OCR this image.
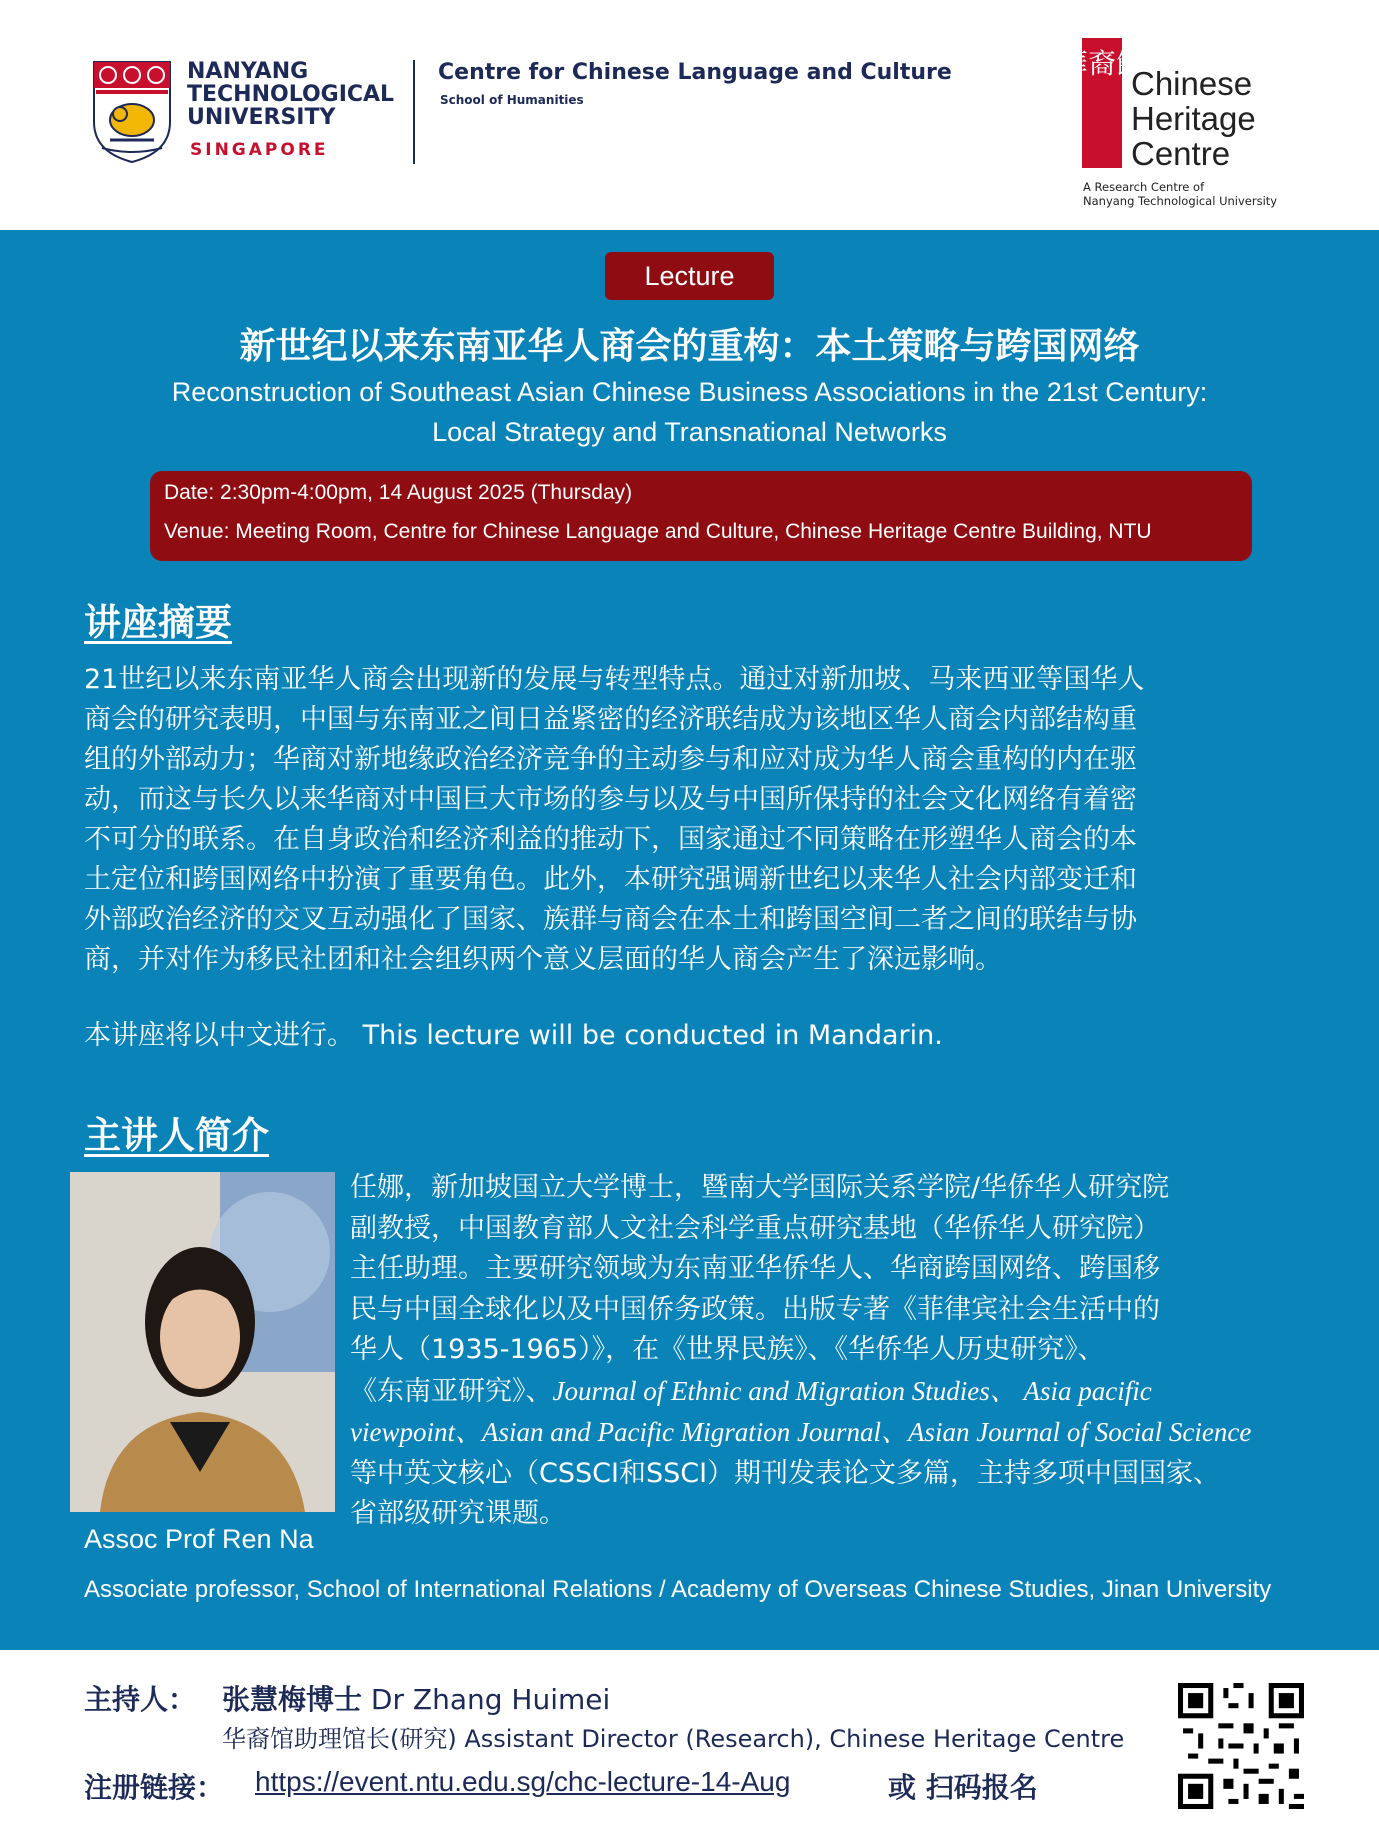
NANYANG
TECHNOLOGICAL
UNIVERSITY
SINGAPORE
Centre for Chinese Language and Culture
School of Humanities
華裔館
Chinese
Heritage
Centre
A Research Centre of
Nanyang Technological University
Lecture
新世纪以来东南亚华人商会的重构：本土策略与跨国网络
Reconstruction of Southeast Asian Chinese Business Associations in the 21st Century:
Local Strategy and Transnational Networks
Date: 2:30pm-4:00pm, 14 August 2025 (Thursday)
Venue: Meeting Room, Centre for Chinese Language and Culture, Chinese Heritage Centre Building, NTU
讲座摘要
21世纪以来东南亚华人商会出现新的发展与转型特点。通过对新加坡、马来西亚等国华人
商会的研究表明，中国与东南亚之间日益紧密的经济联结成为该地区华人商会内部结构重
组的外部动力；华商对新地缘政治经济竞争的主动参与和应对成为华人商会重构的内在驱
动，而这与长久以来华商对中国巨大市场的参与以及与中国所保持的社会文化网络有着密
不可分的联系。在自身政治和经济利益的推动下，国家通过不同策略在形塑华人商会的本
土定位和跨国网络中扮演了重要角色。此外，本研究强调新世纪以来华人社会内部变迁和
外部政治经济的交叉互动强化了国家、族群与商会在本土和跨国空间二者之间的联结与协
商，并对作为移民社团和社会组织两个意义层面的华人商会产生了深远影响。
本讲座将以中文进行。 This lecture will be conducted in Mandarin.
主讲人简介
任娜，新加坡国立大学博士，暨南大学国际关系学院/华侨华人研究院
副教授，中国教育部人文社会科学重点研究基地（华侨华人研究院）
主任助理。主要研究领域为东南亚华侨华人、华商跨国网络、跨国移
民与中国全球化以及中国侨务政策。出版专著《菲律宾社会生活中的
华人（1935-1965）》，在《世界民族》、《华侨华人历史研究》、
《东南亚研究》、Journal of Ethnic and Migration Studies、 Asia pacific
viewpoint、Asian and Pacific Migration Journal、Asian Journal of Social Science
等中英文核心（CSSCI和SSCI）期刊发表论文多篇，主持多项中国国家、
省部级研究课题。
Assoc Prof Ren Na
Associate professor, School of International Relations / Academy of Overseas Chinese Studies, Jinan University
主持人： 张慧梅博士 Dr Zhang Huimei
华裔馆助理馆长(研究) Assistant Director (Research), Chinese Heritage Centre
注册链接： https://event.ntu.edu.sg/chc-lecture-14-Aug	或 扫码报名
